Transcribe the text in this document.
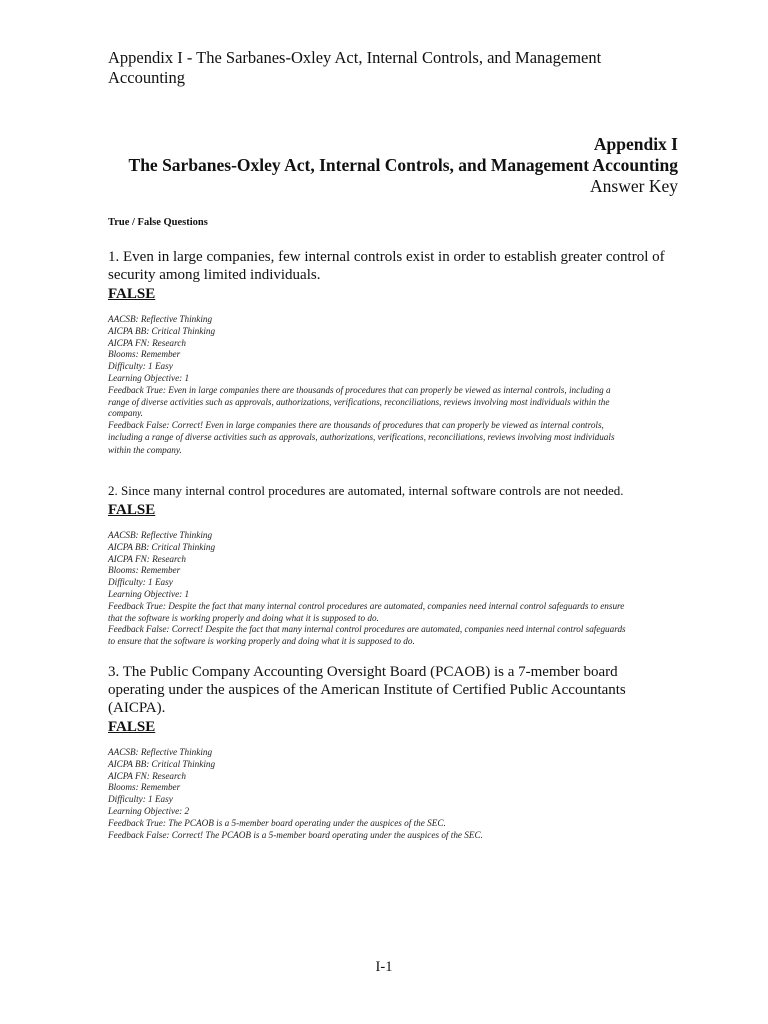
Appendix I - The Sarbanes-Oxley Act, Internal Controls, and Management
Accounting
Appendix I
The Sarbanes-Oxley Act, Internal Controls, and Management Accounting
Answer Key
True / False Questions
1. Even in large companies, few internal controls exist in order to establish greater control of
security among limited individuals.
FALSE
AACSB: Reflective Thinking
AICPA BB: Critical Thinking
AICPA FN: Research
Blooms: Remember
Difficulty: 1 Easy
Learning Objective: 1
Feedback True: Even in large companies there are thousands of procedures that can properly be viewed as internal controls, including a
range of diverse activities such as approvals, authorizations, verifications, reconciliations, reviews involving most individuals within the
company.
Feedback False: Correct! Even in large companies there are thousands of procedures that can properly be viewed as internal controls,
including a range of diverse activities such as approvals, authorizations, verifications, reconciliations, reviews involving most individuals
within the company.
2. Since many internal control procedures are automated, internal software controls are not needed.
FALSE
AACSB: Reflective Thinking
AICPA BB: Critical Thinking
AICPA FN: Research
Blooms: Remember
Difficulty: 1 Easy
Learning Objective: 1
Feedback True: Despite the fact that many internal control procedures are automated, companies need internal control safeguards to ensure
that the software is working properly and doing what it is supposed to do.
Feedback False: Correct! Despite the fact that many internal control procedures are automated, companies need internal control safeguards
to ensure that the software is working properly and doing what it is supposed to do.
3. The Public Company Accounting Oversight Board (PCAOB) is a 7-member board
operating under the auspices of the American Institute of Certified Public Accountants
(AICPA).
FALSE
AACSB: Reflective Thinking
AICPA BB: Critical Thinking
AICPA FN: Research
Blooms: Remember
Difficulty: 1 Easy
Learning Objective: 2
Feedback True: The PCAOB is a 5-member board operating under the auspices of the SEC.
Feedback False: Correct! The PCAOB is a 5-member board operating under the auspices of the SEC.
I-1
